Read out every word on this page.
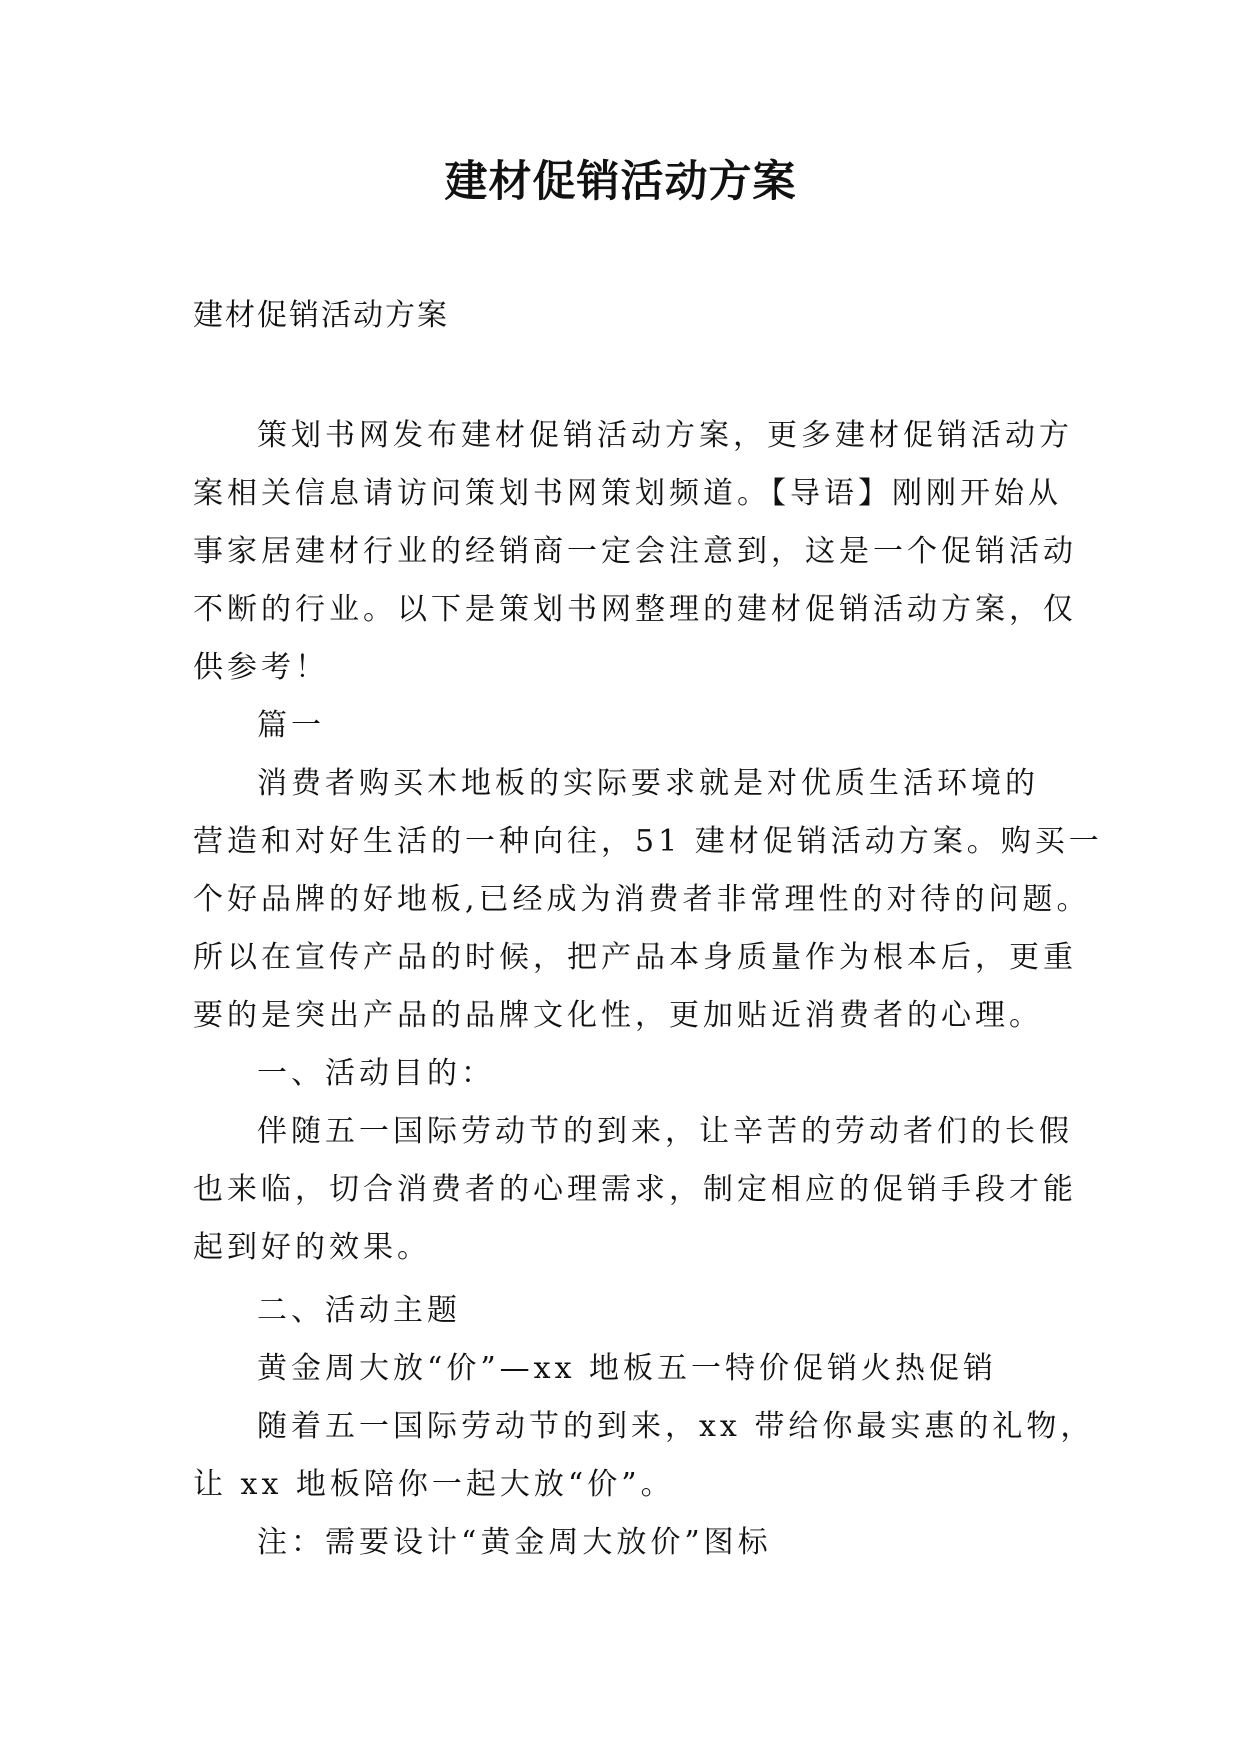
建材促销活动方案

建材促销活动方案

策划书网发布建材促销活动方案，更多建材促销活动方

案相关信息请访问策划书网策划频道。【导语】刚刚开始从

事家居建材行业的经销商一定会注意到，这是一个促销活动

不断的行业。以下是策划书网整理的建材促销活动方案，仅

供参考！

篇一

消费者购买木地板的实际要求就是对优质生活环境的

营造和对好生活的一种向往，51 建材促销活动方案。购买一

个好品牌的好地板,已经成为消费者非常理性的对待的问题。

所以在宣传产品的时候，把产品本身质量作为根本后，更重

要的是突出产品的品牌文化性，更加贴近消费者的心理。

一、活动目的：

伴随五一国际劳动节的到来，让辛苦的劳动者们的长假

也来临，切合消费者的心理需求，制定相应的促销手段才能

起到好的效果。

二、活动主题

黄金周大放“价”—xx 地板五一特价促销火热促销

随着五一国际劳动节的到来，xx 带给你最实惠的礼物，

让 xx 地板陪你一起大放“价”。

注：需要设计“黄金周大放价”图标
